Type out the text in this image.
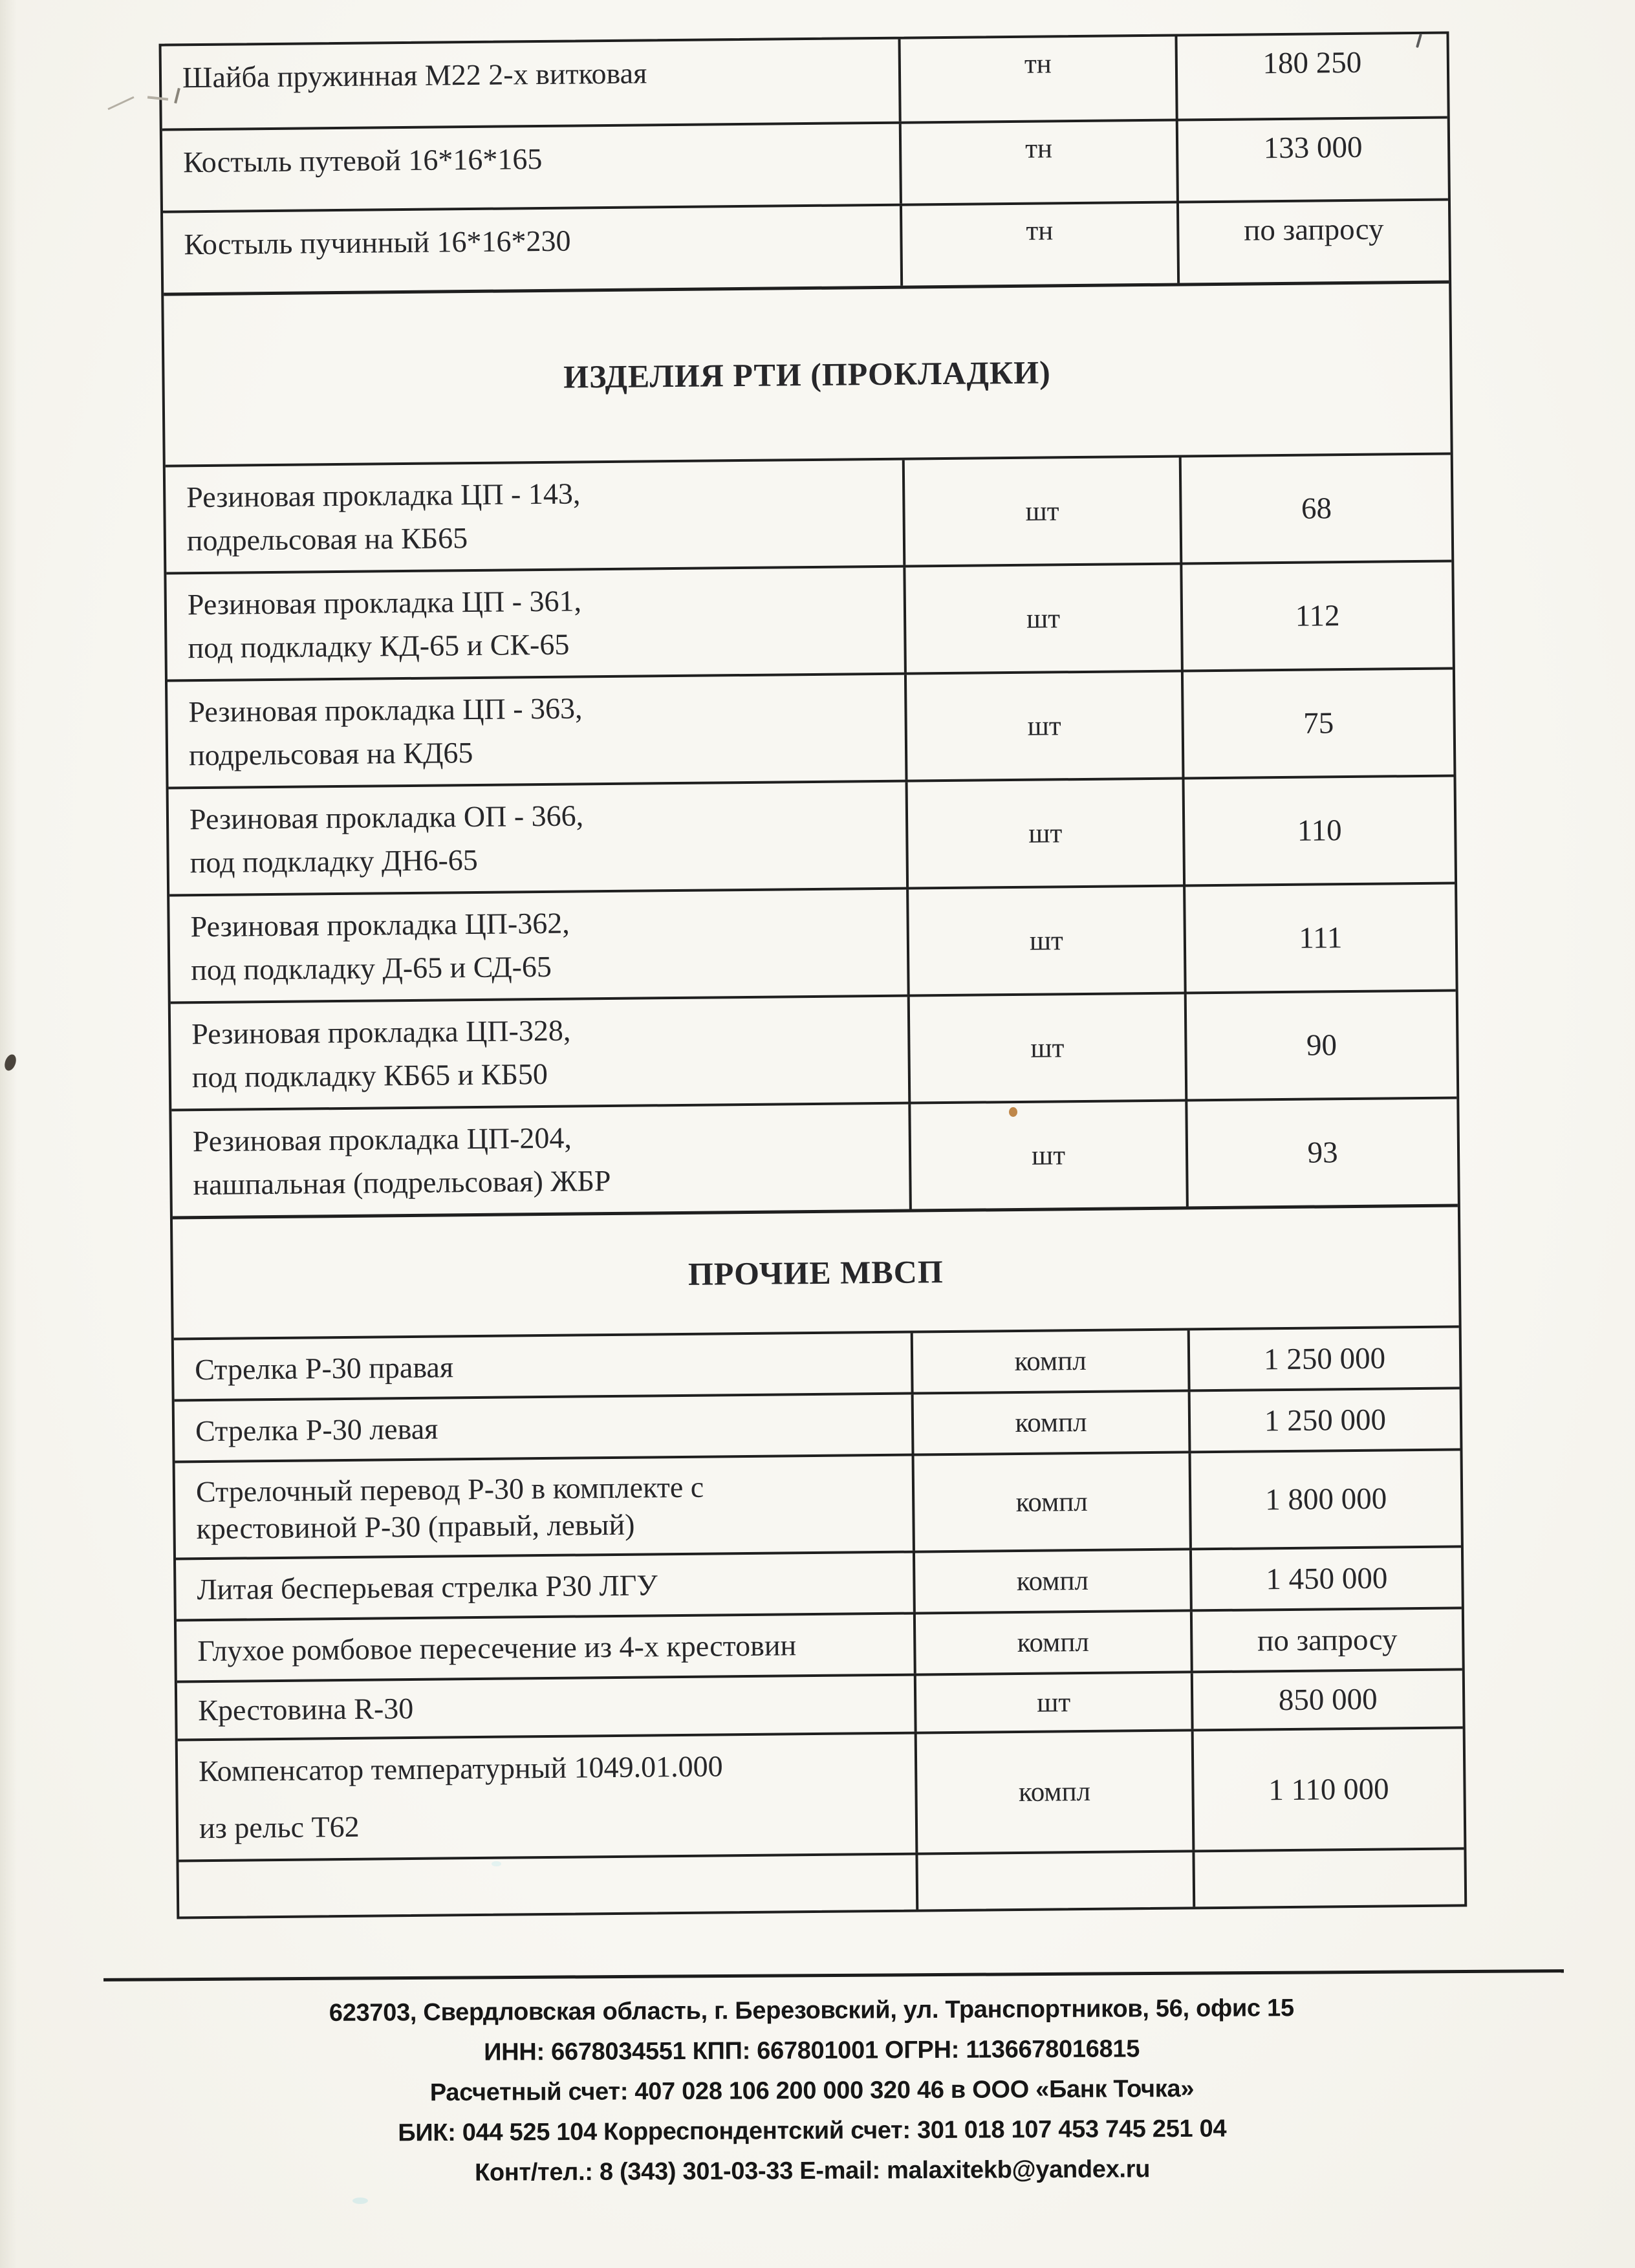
Шайба пружинная М22 2-х витковая	тн	180 250
Костыль путевой 16*16*165	тн	133 000
Костыль пучинный 16*16*230	тн	по запросу
ИЗДЕЛИЯ РТИ (ПРОКЛАДКИ)
Резиновая прокладка ЦП - 143,
подрельсовая на КБ65
шт	68
Резиновая прокладка ЦП - 361,
под подкладку КД-65 и СК-65
шт	112
Резиновая прокладка ЦП - 363,
подрельсовая на КД65
шт	75
Резиновая прокладка ОП - 366,
под подкладку ДН6-65
шт	110
Резиновая прокладка ЦП-362,
под подкладку Д-65 и СД-65
шт	111
Резиновая прокладка ЦП-328,
под подкладку КБ65 и КБ50
шт	90
Резиновая прокладка ЦП-204,
нашпальная (подрельсовая) ЖБР
шт	93
ПРОЧИЕ МВСП
Стрелка Р-30 правая	компл	1 250 000
Стрелка Р-30 левая	компл	1 250 000
Стрелочный перевод Р-30 в комплекте с
крестовиной Р-30 (правый, левый)
компл	1 800 000
Литая бесперьевая стрелка Р30 ЛГУ	компл	1 450 000
Глухое ромбовое пересечение из 4-х крестовин	компл	по запросу
Крестовина R-30	шт	850 000
Компенсатор температурный 1049.01.000
из рельс Т62
компл	1 110 000
623703, Свердловская область, г. Березовский, ул. Транспортников, 56, офис 15
ИНН: 6678034551 КПП: 667801001 ОГРН: 1136678016815
Расчетный счет: 407 028 106 200 000 320 46 в ООО «Банк Точка»
БИК: 044 525 104 Корреспондентский счет: 301 018 107 453 745 251 04
Конт/тел.: 8 (343) 301-03-33 E-mail: malaxitekb@yandex.ru
